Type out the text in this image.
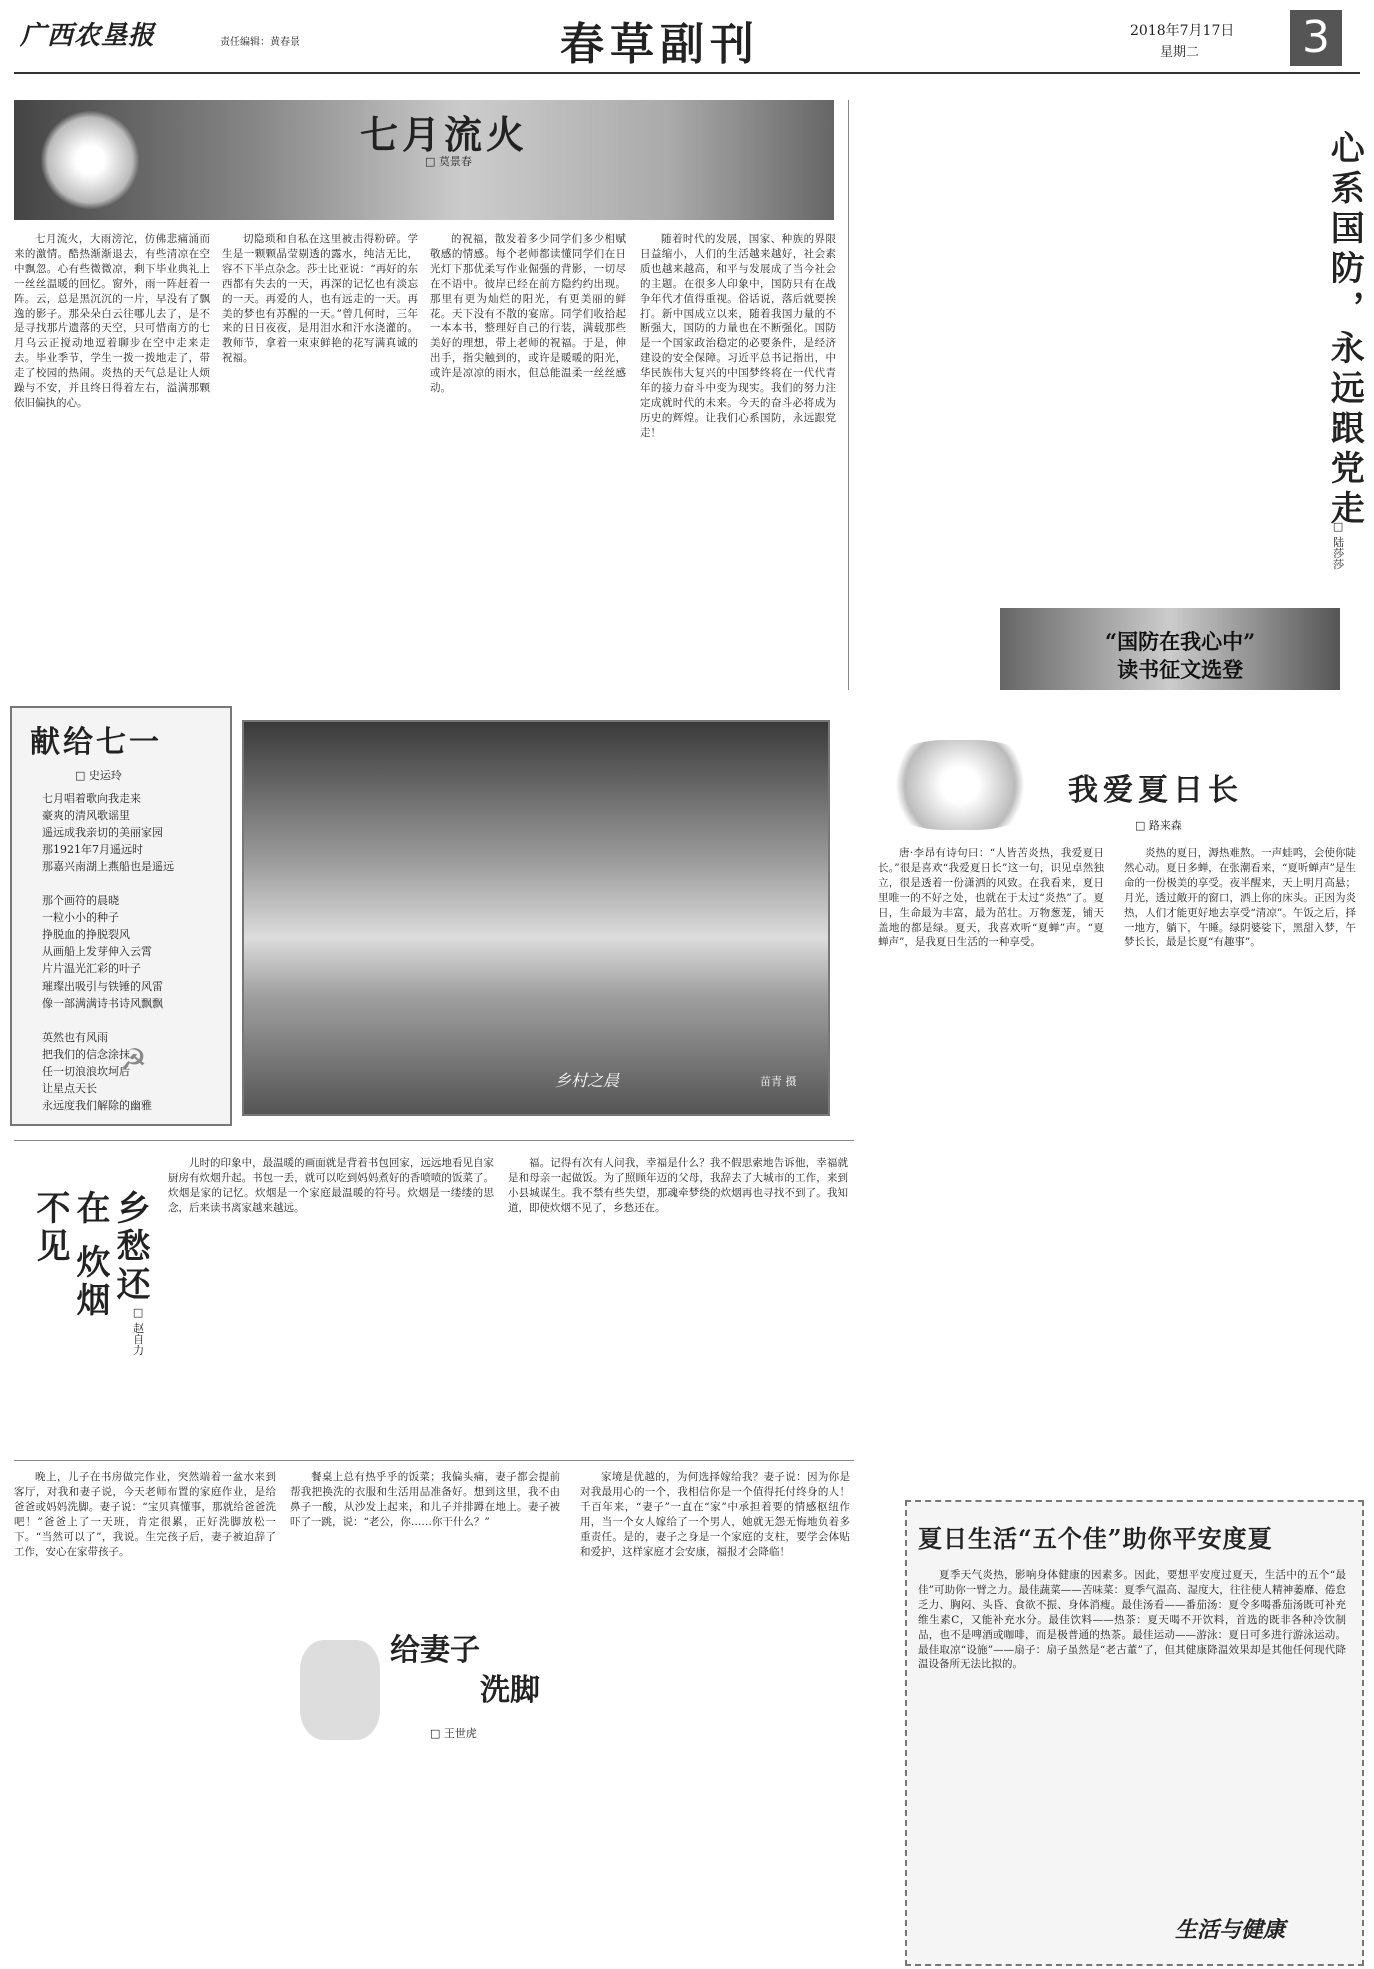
广西农垦报	责任编辑：黄春景	春草副刊	2018年7月17日
星期二 3
七月流火
□ 莫景春

七月流火，大雨滂沱，仿佛悲痛涌而来的激情。酷热渐渐退去，有些清凉在空中飘忽。心有些微微凉，剩下毕业典礼上一丝丝温暖的回忆。窗外，雨一阵赶着一阵。云，总是黑沉沉的一片，早没有了飘逸的影子。那朵朵白云往哪儿去了，是不是寻找那片遗落的天空，只可惜南方的七月乌云正搅动地逗着聊步在空中走来走去。毕业季节，学生一拨一拨地走了，带走了校园的热闹。炎热的天气总是让人烦躁与不安，并且终日得着左右，溢满那颗依旧偏执的心。

切隐琐和自私在这里被击得粉碎。学生是一颗颗晶莹剔透的露水，纯洁无比，容不下半点杂念。莎士比亚说：“再好的东西都有失去的一天，再深的记忆也有淡忘的一天。再爱的人，也有远走的一天。再美的梦也有苏醒的一天。”曾几何时，三年来的日日夜夜，是用泪水和汗水浇灌的。教师节，拿着一束束鲜艳的花写满真诚的祝福。

的祝福，散发着多少同学们多少相赋敬感的情感。每个老师都读懂同学们在日光灯下那优柔写作业倔强的背影，一切尽在不语中。彼岸已经在前方隐约约出现。那里有更为灿烂的阳光，有更美丽的鲜花。天下没有不散的宴席。同学们收拾起一本本书，整理好自己的行装，满载那些美好的理想，带上老师的祝福。于是，伸出手，指尖触到的，或许是暖暖的阳光，或许是凉凉的雨水，但总能温柔一丝丝感动。

随着时代的发展，国家、种族的界限日益缩小，人们的生活越来越好，社会素质也越来越高，和平与发展成了当今社会的主题。在很多人印象中，国防只有在战争年代才值得重视。俗话说，落后就要挨打。新中国成立以来，随着我国力量的不断强大，国防的力量也在不断强化。国防是一个国家政治稳定的必要条件，是经济建设的安全保障。习近平总书记指出，中华民族伟大复兴的中国梦终将在一代代青年的接力奋斗中变为现实。我们的努力注定成就时代的未来。今天的奋斗必将成为历史的辉煌。让我们心系国防，永远跟党走！	心系国防，永远跟党走
□ 陆莎莎
“国防在我心中”
读书征文选登
献给七一
□ 史运玲
七月唱着歌向我走来
豪爽的清风歌谣里
遥远成我亲切的美丽家园
那1921年7月遥远时
那嘉兴南湖上燕船也是遥远

那个画符的晨晓
一粒小小的种子
挣脱血的挣脱裂风
从画船上发芽伸入云霄
片片温光汇彩的叶子
璀璨出吸引与铁锤的风雷
像一部满满诗书诗风飘飘

英然也有风雨
把我们的信念涂抹
任一切浪浪坎坷后
让星点天长
永远度我们解除的幽雅
☭
乡村之晨	苗青 摄
我爱夏日长
□ 路来森

唐·李昂有诗句曰：“人皆苦炎热，我爱夏日长。”很是喜欢“我爱夏日长”这一句，识见卓然独立，很是透着一份潇洒的风致。在我看来，夏日里唯一的不好之处，也就在于太过“炎热”了。夏日，生命最为丰富，最为茁壮。万物葱茏，铺天盖地的都是绿。夏天，我喜欢听“夏蝉”声。“夏蝉声”，是我夏日生活的一种享受。

炎热的夏日，溽热难熬。一声蛙鸣，会使你陡然心动。夏日多蝉，在张潮看来，“夏听蝉声”是生命的一份极美的享受。夜半醒来，天上明月高悬；月光，透过敞开的窗口，洒上你的床头。正因为炎热，人们才能更好地去享受“清凉”。午饭之后，择一地方，躺下，午睡。绿阴婆娑下，黑甜入梦，午梦长长，最是长夏“有趣事”。

乡愁还在 炊烟不见
□ 赵自力

儿时的印象中，最温暖的画面就是背着书包回家，远远地看见自家厨房有炊烟升起。书包一丢，就可以吃到妈妈煮好的香喷喷的饭菜了。炊烟是家的记忆。炊烟是一个家庭最温暖的符号。炊烟是一缕缕的思念，后来读书离家越来越远。

福。记得有次有人问我，幸福是什么？我不假思索地告诉他，幸福就是和母亲一起做饭。为了照顾年迈的父母，我辞去了大城市的工作，来到小县城谋生。我不禁有些失望，那魂牵梦绕的炊烟再也寻找不到了。我知道，即使炊烟不见了，乡愁还在。

晚上，儿子在书房做完作业，突然端着一盆水来到客厅，对我和妻子说，今天老师布置的家庭作业，是给爸爸或妈妈洗脚。妻子说：“宝贝真懂事，那就给爸爸洗吧！”爸爸上了一天班，肯定很累，正好洗脚放松一下。“当然可以了”，我说。生完孩子后，妻子被迫辞了工作，安心在家带孩子。

给妻子
洗脚
□ 王世虎

餐桌上总有热乎乎的饭菜；我偏头痛，妻子都会提前帮我把换洗的衣服和生活用品准备好。想到这里，我不由鼻子一酸，从沙发上起来，和儿子并排蹲在地上。妻子被吓了一跳，说：“老公，你……你干什么？”

家境是优越的，为何选择嫁给我？妻子说：因为你是对我最用心的一个，我相信你是一个值得托付终身的人！千百年来，“妻子”一直在“家”中承担着要的情感枢纽作用，当一个女人嫁给了一个男人，她就无怨无悔地负着多重责任。是的，妻子之身是一个家庭的支柱，要学会体贴和爱护，这样家庭才会安康，福报才会降临！	夏日生活“五个佳”助你平安度夏

夏季天气炎热，影响身体健康的因素多。因此，要想平安度过夏天，生活中的五个“最佳”可助你一臂之力。最佳蔬菜——苦味菜：夏季气温高、湿度大，往往使人精神萎靡、倦怠乏力、胸闷、头昏、食欲不振、身体消瘦。最佳汤看——番茄汤：夏令多喝番茄汤既可补充维生素C，又能补充水分。最佳饮料——热茶：夏天喝不开饮料，首选的既非各种冷饮制品，也不是啤酒或咖啡，而是极普通的热茶。最佳运动——游泳：夏日可多进行游泳运动。最佳取凉“设施”——扇子：扇子虽然是“老古董”了，但其健康降温效果却是其他任何现代降温设备所无法比拟的。

生活与健康
